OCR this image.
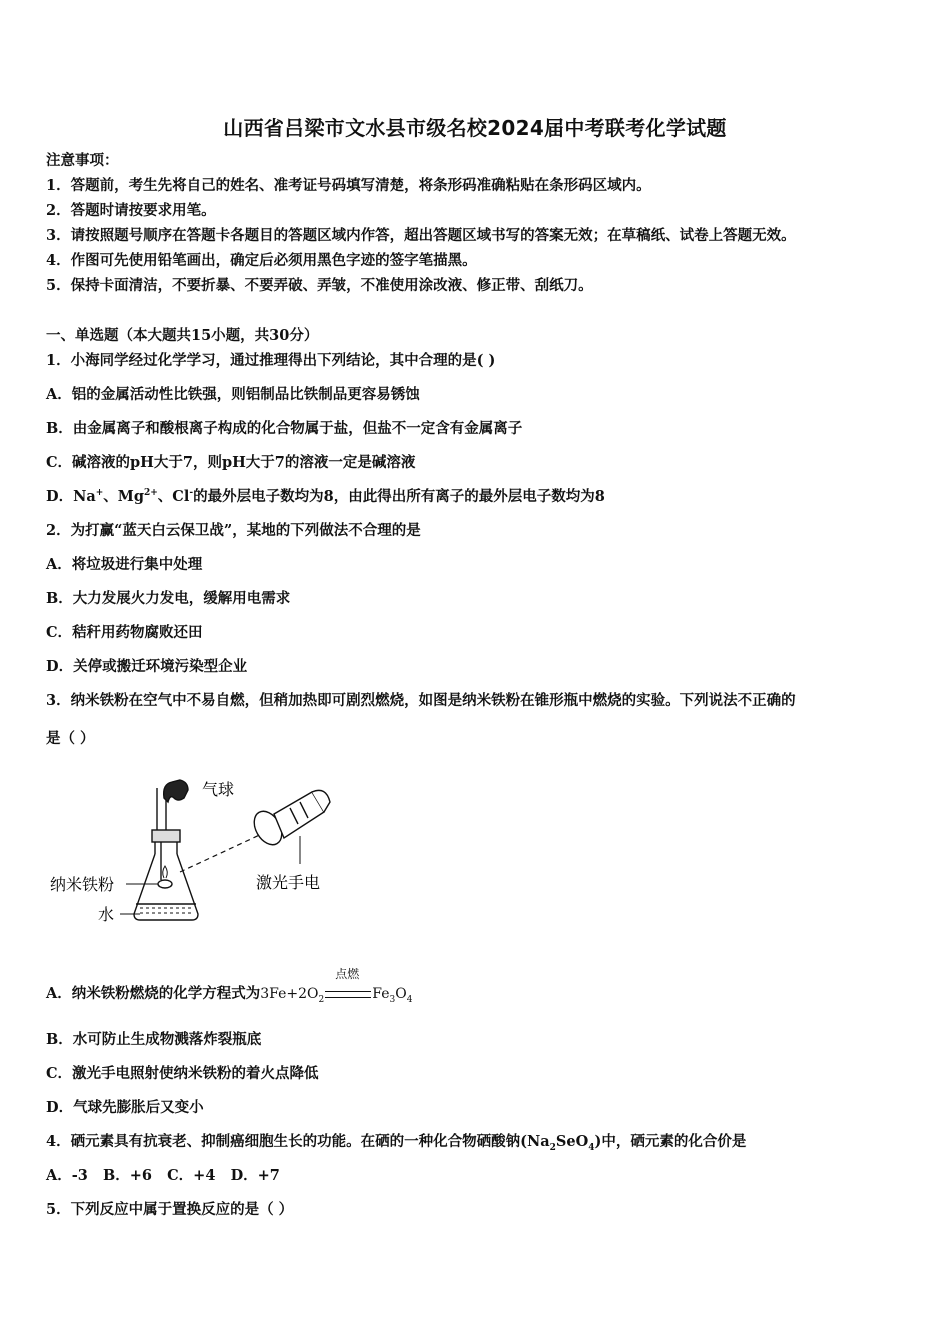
山西省吕梁市文水县市级名校2024届中考联考化学试题
注意事项：
1．答题前，考生先将自己的姓名、准考证号码填写清楚，将条形码准确粘贴在条形码区域内。
2．答题时请按要求用笔。
3．请按照题号顺序在答题卡各题目的答题区域内作答，超出答题区域书写的答案无效；在草稿纸、试卷上答题无效。
4．作图可先使用铅笔画出，确定后必须用黑色字迹的签字笔描黑。
5．保持卡面清洁，不要折暴、不要弄破、弄皱，不准使用涂改液、修正带、刮纸刀。
一、单选题（本大题共15小题，共30分）
1．小海同学经过化学学习，通过推理得出下列结论，其中合理的是( )
A．铝的金属活动性比铁强，则铝制品比铁制品更容易锈蚀
B．由金属离子和酸根离子构成的化合物属于盐，但盐不一定含有金属离子
C．碱溶液的pH大于7，则pH大于7的溶液一定是碱溶液
D．Na+、$Mg^{2+}$、Cl-的最外层电子数均为8，由此得出所有离子的最外层电子数均为8
2．为打赢“蓝天白云保卫战”，某地的下列做法不合理的是
A．将垃圾进行集中处理
B．大力发展火力发电，缓解用电需求
C．秸秆用药物腐败还田
D．关停或搬迁环境污染型企业
3．纳米铁粉在空气中不易自燃，但稍加热即可剧烈燃烧，如图是纳米铁粉在锥形瓶中燃烧的实验。下列说法不正确的
是（ ）
气球
纳米铁粉
水
激光手电
A．纳米铁粉燃烧的化学方程式为$3Fe+2O_2$
点燃
$Fe_3O_4$
B．水可防止生成物溅落炸裂瓶底
C．激光手电照射使纳米铁粉的着火点降低
D．气球先膨胀后又变小
4．硒元素具有抗衰老、抑制癌细胞生长的功能。在硒的一种化合物硒酸钠$(Na_2SeO_4)$中，硒元素的化合价是
A．-3   B．+6   C．+4   D．+7
5．下列反应中属于置换反应的是（ ）
